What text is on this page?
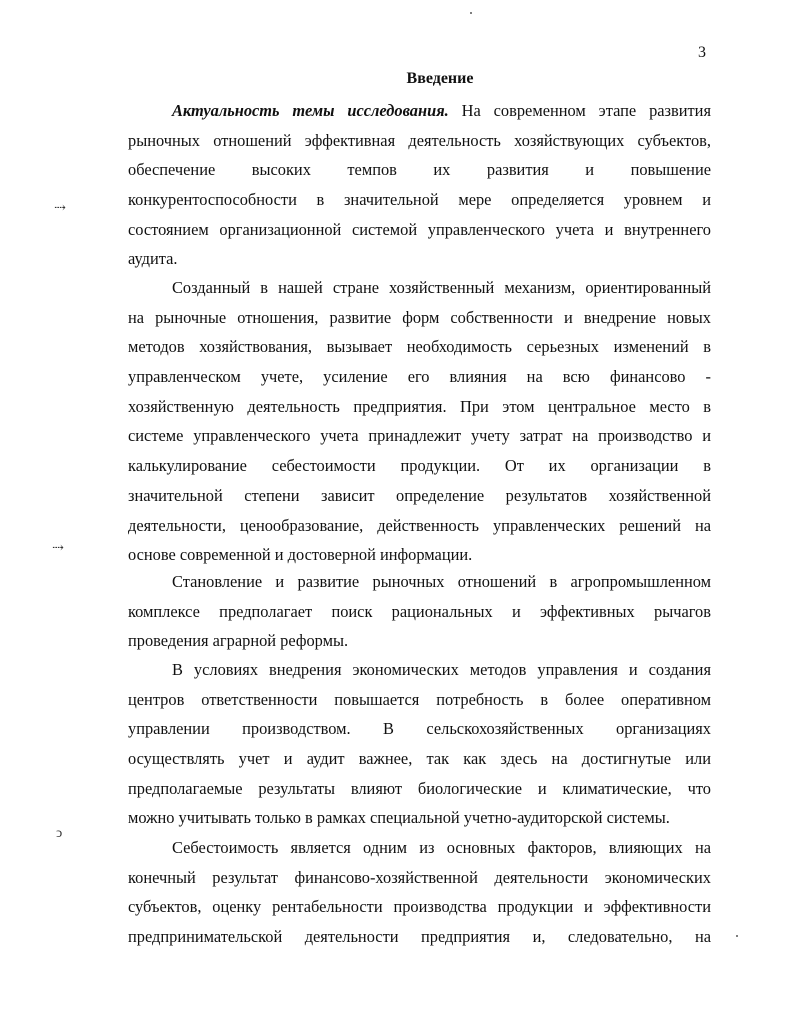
3
Введение
⇢
⇢
ↄ
Актуальность темы исследования. На современном этапе развития
рыночных отношений эффективная деятельность хозяйствующих субъектов,
обеспечение высоких темпов их развития и повышение
конкурентоспособности в значительной мере определяется уровнем и
состоянием организационной системой управленческого учета и внутреннего
аудита.
Созданный в нашей стране хозяйственный механизм, ориентированный
на рыночные отношения, развитие форм собственности и внедрение новых
методов хозяйствования, вызывает необходимость серьезных изменений в
управленческом учете, усиление его влияния на всю финансово -
хозяйственную деятельность предприятия. При этом центральное место в
системе управленческого учета принадлежит учету затрат на производство и
калькулирование себестоимости продукции. От их организации в
значительной степени зависит определение результатов хозяйственной
деятельности, ценообразование, действенность управленческих решений на
основе современной и достоверной информации.
Становление и развитие рыночных отношений в агропромышленном
комплексе предполагает поиск рациональных и эффективных рычагов
проведения аграрной реформы.
В условиях внедрения экономических методов управления и создания
центров ответственности повышается потребность в более оперативном
управлении производством. В сельскохозяйственных организациях
осуществлять учет и аудит важнее, так как здесь на достигнутые или
предполагаемые результаты влияют биологические и климатические, что
можно учитывать только в рамках специальной учетно-аудиторской системы.
Себестоимость является одним из основных факторов, влияющих на
конечный результат финансово-хозяйственной деятельности экономических
субъектов, оценку рентабельности производства продукции и эффективности
предпринимательской деятельности предприятия и, следовательно, на
